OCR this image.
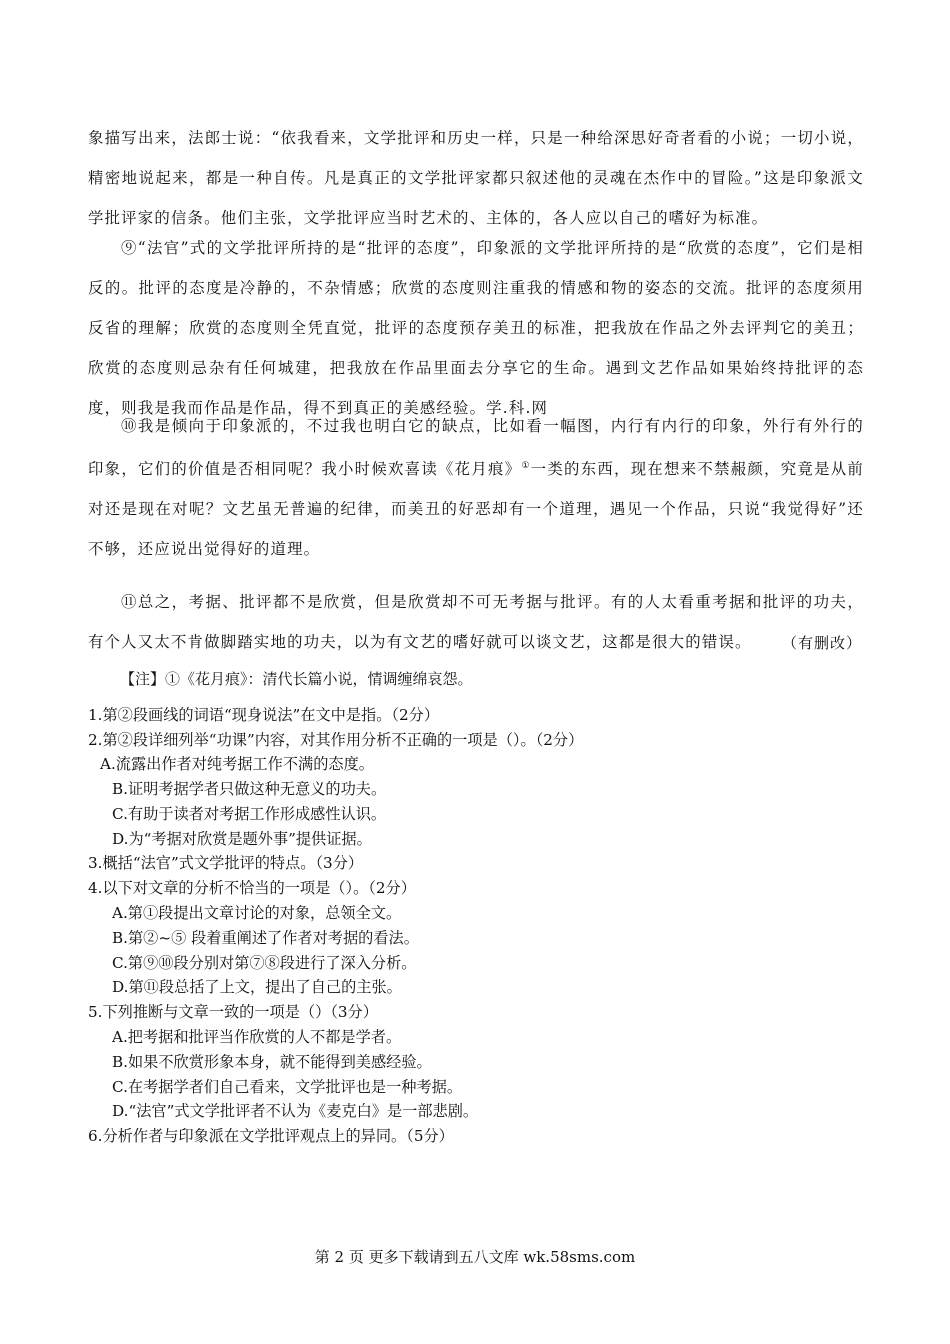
象描写出来，法郎士说：“依我看来，文学批评和历史一样，只是一种给深思好奇者看的小说；一切小说，精密地说起来，都是一种自传。凡是真正的文学批评家都只叙述他的灵魂在杰作中的冒险。”这是印象派文学批评家的信条。他们主张，文学批评应当时艺术的、主体的，各人应以自己的嗜好为标准。

⑨“法官”式的文学批评所持的是“批评的态度”，印象派的文学批评所持的是“欣赏的态度”，它们是相反的。批评的态度是冷静的，不杂情感；欣赏的态度则注重我的情感和物的姿态的交流。批评的态度须用反省的理解；欣赏的态度则全凭直觉，批评的态度预存美丑的标准，把我放在作品之外去评判它的美丑；欣赏的态度则忌杂有任何城建，把我放在作品里面去分享它的生命。遇到文艺作品如果始终持批评的态度，则我是我而作品是作品，得不到真正的美感经验。学.科.网

⑩我是倾向于印象派的，不过我也明白它的缺点，比如看一幅图，内行有内行的印象，外行有外行的印象，它们的价值是否相同呢？我小时候欢喜读《花月痕》①一类的东西，现在想来不禁赧颜，究竟是从前对还是现在对呢？文艺虽无普遍的纪律，而美丑的好恶却有一个道理，遇见一个作品，只说“我觉得好”还不够，还应说出觉得好的道理。

⑪总之，考据、批评都不是欣赏，但是欣赏却不可无考据与批评。有的人太看重考据和批评的功夫，有个人又太不肯做脚踏实地的功夫，以为有文艺的嗜好就可以谈文艺，这都是很大的错误。	（有删改）
【注】①《花月痕》：清代长篇小说，情调缠绵哀怨。
1.第②段画线的词语“现身说法”在文中是指。（2分）
2.第②段详细列举“功课”内容，对其作用分析不正确的一项是（）。（2分）
A.流露出作者对纯考据工作不满的态度。
B.证明考据学者只做这种无意义的功夫。
C.有助于读者对考据工作形成感性认识。
D.为“考据对欣赏是题外事”提供证据。
3.概括“法官”式文学批评的特点。（3分）
4.以下对文章的分析不恰当的一项是（）。（2分）
A.第①段提出文章讨论的对象，总领全文。
B.第②~⑤ 段着重阐述了作者对考据的看法。
C.第⑨⑩段分别对第⑦⑧段进行了深入分析。
D.第⑪段总括了上文，提出了自己的主张。
5.下列推断与文章一致的一项是（）（3分）
A.把考据和批评当作欣赏的人不都是学者。
B.如果不欣赏形象本身，就不能得到美感经验。
C.在考据学者们自己看来，文学批评也是一种考据。
D.“法官”式文学批评者不认为《麦克白》是一部悲剧。
6.分析作者与印象派在文学批评观点上的异同。（5分）
第 2 页 更多下载请到五八文库 wk.58sms.com
